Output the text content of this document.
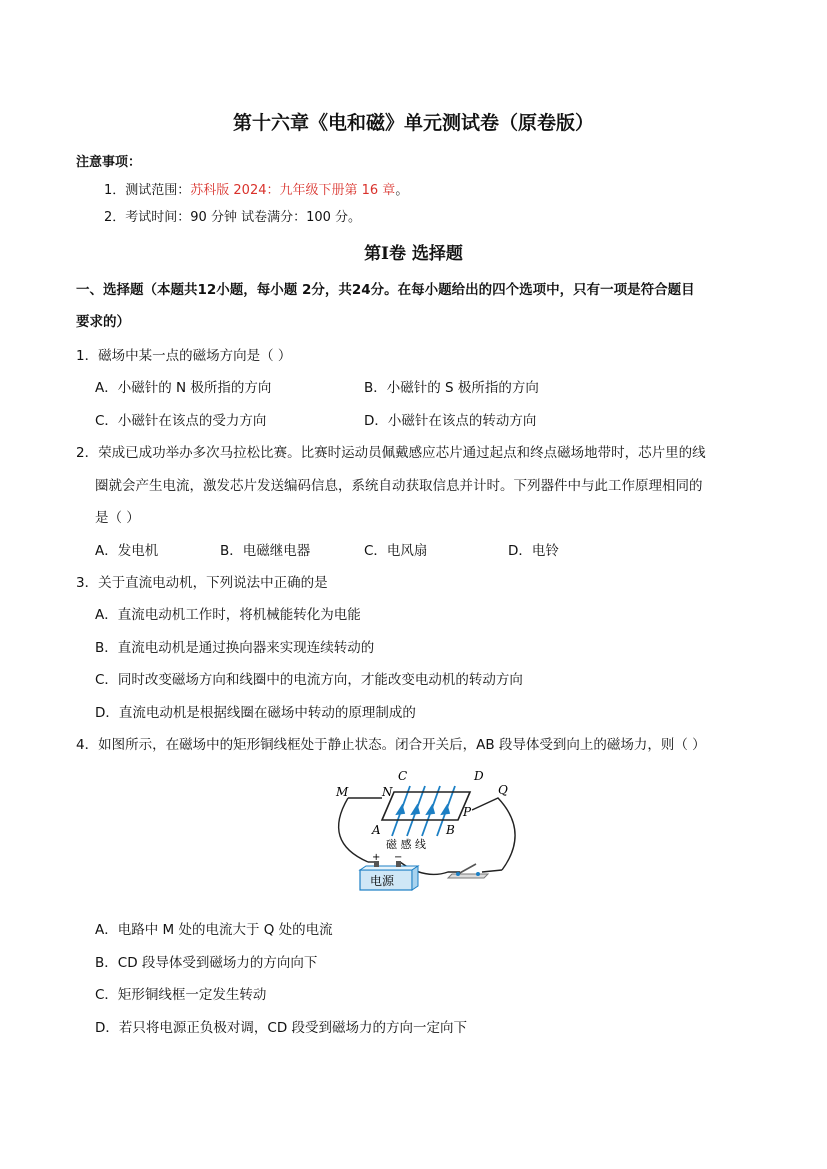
第十六章《电和磁》单元测试卷（原卷版）
注意事项：
1．测试范围：苏科版 2024：九年级下册第 16 章。
2．考试时间：90 分钟 试卷满分：100 分。
第Ⅰ卷 选择题
一、选择题（本题共12小题，每小题 2分，共24分。在每小题给出的四个选项中，只有一项是符合题目
要求的）
1．磁场中某一点的磁场方向是（ ）
A．小磁针的 N 极所指的方向	B．小磁针的 S 极所指的方向
C．小磁针在该点的受力方向	D．小磁针在该点的转动方向
2．荣成已成功举办多次马拉松比赛。比赛时运动员佩戴感应芯片通过起点和终点磁场地带时，芯片里的线
圈就会产生电流，激发芯片发送编码信息，系统自动获取信息并计时。下列器件中与此工作原理相同的
是（ ）
A．发电机	B．电磁继电器	C．电风扇	D．电铃
3．关于直流电动机，下列说法中正确的是
A．直流电动机工作时，将机械能转化为电能
B．直流电动机是通过换向器来实现连续转动的
C．同时改变磁场方向和线圈中的电流方向，才能改变电动机的转动方向
D．直流电动机是根据线圈在磁场中转动的原理制成的
4．如图所示，在磁场中的矩形铜线框处于静止状态。闭合开关后，AB 段导体受到向上的磁场力，则（ ）
M	N
C	D
Q
P
A	B
磁 感 线
+ −
电源
A．电路中 M 处的电流大于 Q 处的电流
B．CD 段导体受到磁场力的方向向下
C．矩形铜线框一定发生转动
D．若只将电源正负极对调，CD 段受到磁场力的方向一定向下
